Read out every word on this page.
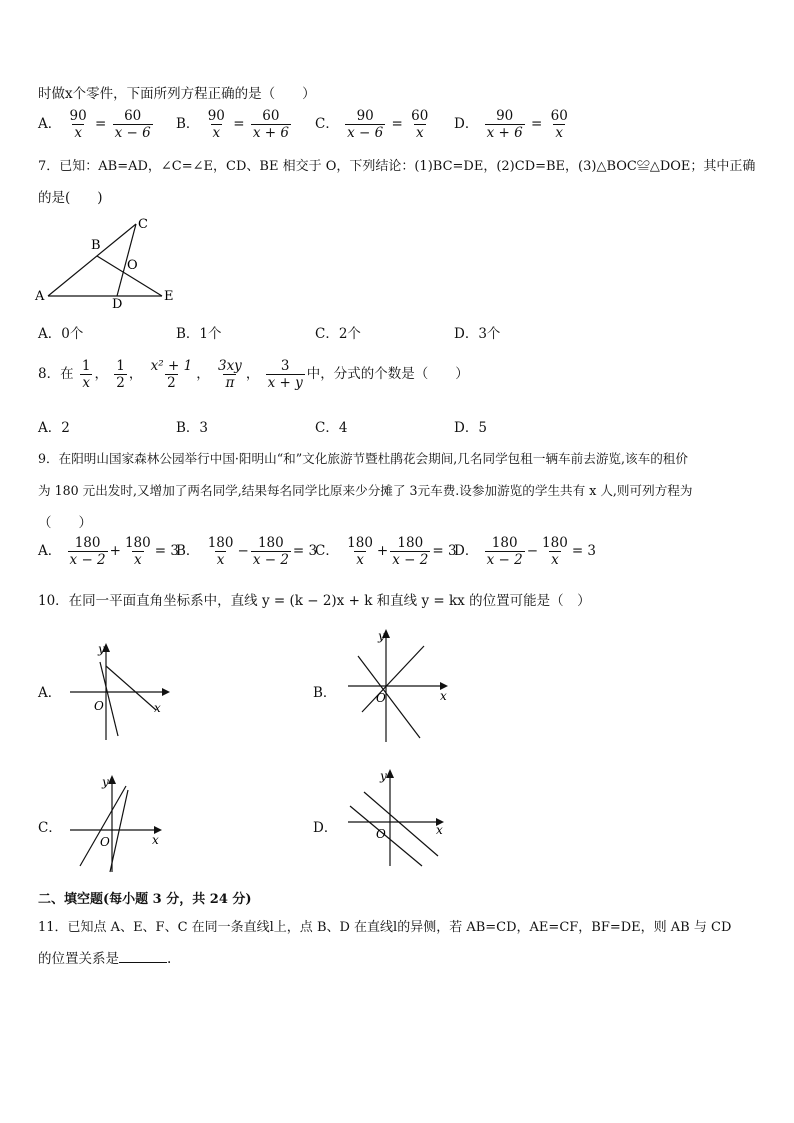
时做x个零件，下面所列方程正确的是（　　）
A． $\frac{90}{x} = \frac{60}{x - 6}$ B． $\frac{90}{x} = \frac{60}{x + 6}$ C． $\frac{90}{x - 6} = \frac{60}{x}$ D． $\frac{90}{x + 6} = \frac{60}{x}$
7．已知：AB=AD，∠C=∠E，CD、BE 相交于 O，下列结论：(1)BC=DE，(2)CD=BE，(3)△BOC≌△DOE；其中正确
的是(　　)
A
B
C
D
E
O
A．0个	B．1个	C．2个	D．3个
8．在 $\frac{1}{x}$ ， $\frac{1}{2}$ ， $\frac{\text{x² + 1}}{2}$ ， $\frac{3xy}{\pi}$ ， $\frac{3}{x + y}$ 中，分式的个数是（　　）
A．2	B．3	C．4	D．5
9．在阳明山国家森林公园举行中国·阳明山“和”文化旅游节暨杜鹃花会期间,几名同学包租一辆车前去游览,该车的租价
为 180 元出发时,又增加了两名同学,结果每名同学比原来少分摊了 3元车费.设参加游览的学生共有 x 人,则可列方程为
（　　）
A． $\frac{180}{x - 2} + \frac{180}{x} = 3$
B． $\frac{180}{x} - \frac{180}{x - 2} = 3$
C． $\frac{180}{x} + \frac{180}{x - 2} = 3$
D． $\frac{180}{x - 2} - \frac{180}{x} = 3$
10．在同一平面直角坐标系中，直线 y = (k − 2)x + k 和直线 y = kx 的位置可能是（　）
A．
y
x
O
B．
y
x
O
C．
y
x
O
D．
y
x
O
二、填空题(每小题 3 分，共 24 分)
11．已知点 A、E、F、C 在同一条直线l上，点 B、D 在直线l的异侧，若 AB=CD，AE=CF，BF=DE，则 AB 与 CD
的位置关系是	.
